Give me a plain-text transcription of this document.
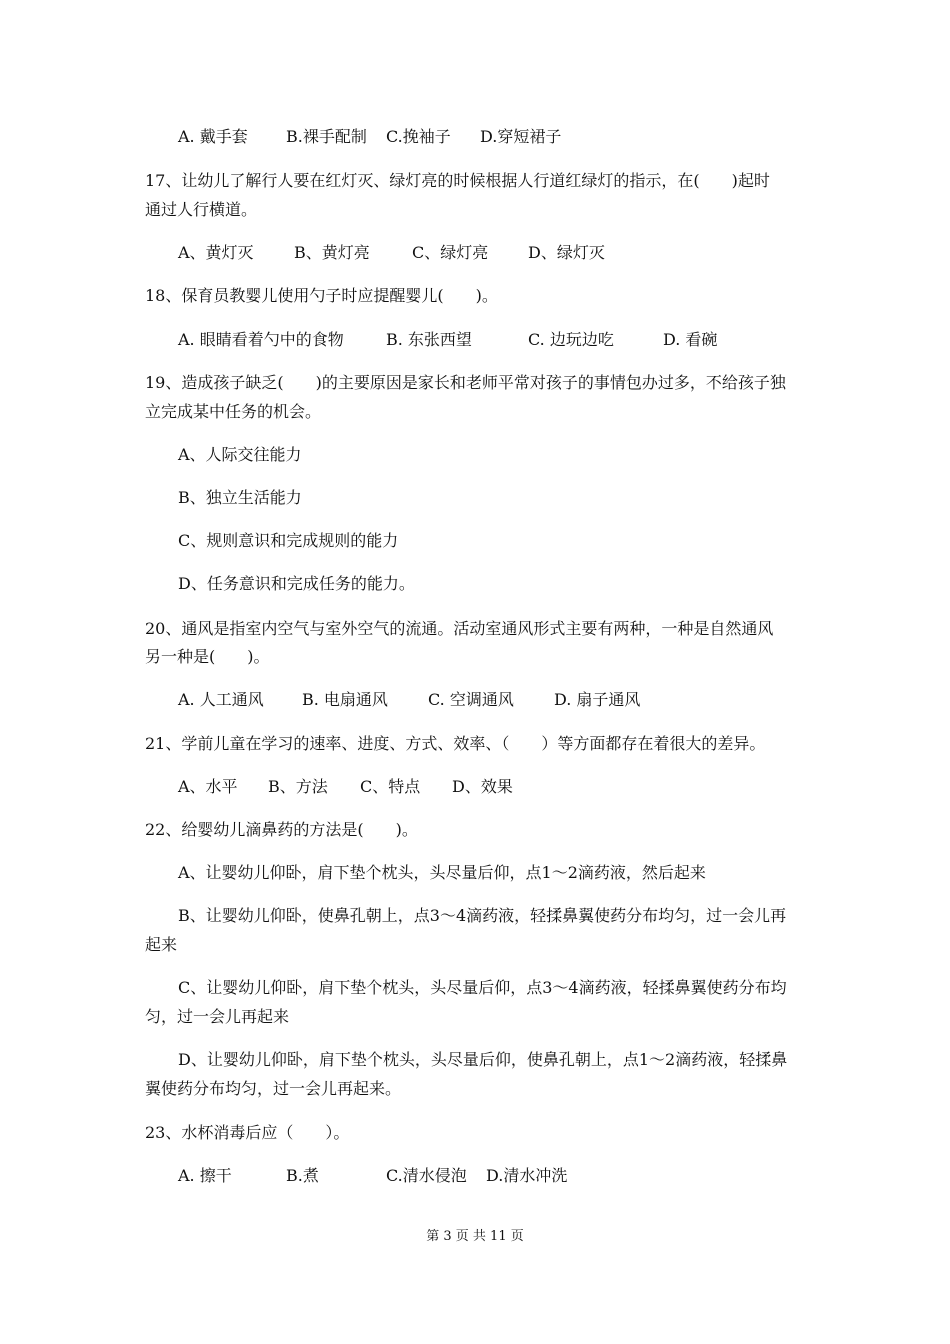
A. 戴手套 B.裸手配制 C.挽袖子 D.穿短裙子
17、让幼儿了解行人要在红灯灭、绿灯亮的时候根据人行道红绿灯的指示，在(　　)起时
通过人行横道。
A、黄灯灭	B、黄灯亮	C、绿灯亮 D、绿灯灭
18、保育员教婴儿使用勺子时应提醒婴儿(　　)。
A. 眼睛看着勺中的食物	B. 东张西望	C. 边玩边吃	D. 看碗
19、造成孩子缺乏(　　)的主要原因是家长和老师平常对孩子的事情包办过多，不给孩子独
立完成某中任务的机会。
A、人际交往能力
B、独立生活能力
C、规则意识和完成规则的能力
D、任务意识和完成任务的能力。
20、通风是指室内空气与室外空气的流通。活动室通风形式主要有两种，一种是自然通风
另一种是(　　)。
A. 人工通风 B. 电扇通风	C. 空调通风	D. 扇子通风
21、学前儿童在学习的速率、进度、方式、效率、（　　）等方面都存在着很大的差异。
A、水平 B、方法 C、特点 D、效果
22、给婴幼儿滴鼻药的方法是(　　)。
A、让婴幼儿仰卧，肩下垫个枕头，头尽量后仰，点1～2滴药液，然后起来
B、让婴幼儿仰卧，使鼻孔朝上，点3～4滴药液，轻揉鼻翼使药分布均匀，过一会儿再
起来
C、让婴幼儿仰卧，肩下垫个枕头，头尽量后仰，点3～4滴药液，轻揉鼻翼使药分布均
匀，过一会儿再起来
D、让婴幼儿仰卧，肩下垫个枕头，头尽量后仰，使鼻孔朝上，点1～2滴药液，轻揉鼻
翼使药分布均匀，过一会儿再起来。
23、水杯消毒后应（　　）。
A. 擦干	B.煮	C.清水侵泡 D.清水冲洗
第 3 页 共 11 页
